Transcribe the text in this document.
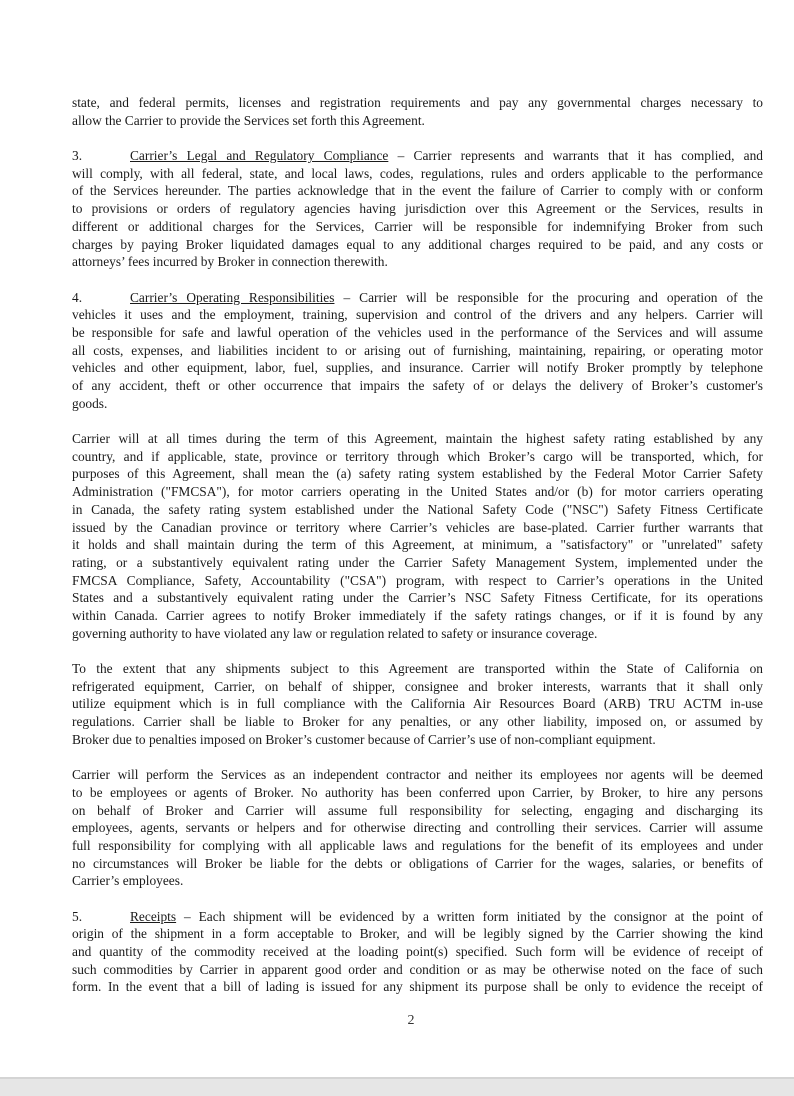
state, and federal permits, licenses and registration requirements and pay any governmental charges necessary to
allow the Carrier to provide the Services set forth this Agreement.
3.	Carrier’s Legal and Regulatory Compliance – Carrier represents and warrants that it has complied, and
will comply, with all federal, state, and local laws, codes, regulations, rules and orders applicable to the performance
of the Services hereunder. The parties acknowledge that in the event the failure of Carrier to comply with or conform
to provisions or orders of regulatory agencies having jurisdiction over this Agreement or the Services, results in
different or additional charges for the Services, Carrier will be responsible for indemnifying Broker from such
charges by paying Broker liquidated damages equal to any additional charges required to be paid, and any costs or
attorneys’ fees incurred by Broker in connection therewith.
4.	Carrier’s Operating Responsibilities – Carrier will be responsible for the procuring and operation of the
vehicles it uses and the employment, training, supervision and control of the drivers and any helpers. Carrier will
be responsible for safe and lawful operation of the vehicles used in the performance of the Services and will assume
all costs, expenses, and liabilities incident to or arising out of furnishing, maintaining, repairing, or operating motor
vehicles and other equipment, labor, fuel, supplies, and insurance. Carrier will notify Broker promptly by telephone
of any accident, theft or other occurrence that impairs the safety of or delays the delivery of Broker’s customer's
goods.
Carrier will at all times during the term of this Agreement, maintain the highest safety rating established by any
country, and if applicable, state, province or territory through which Broker’s cargo will be transported, which, for
purposes of this Agreement, shall mean the (a) safety rating system established by the Federal Motor Carrier Safety
Administration ("FMCSA"), for motor carriers operating in the United States and/or (b) for motor carriers operating
in Canada, the safety rating system established under the National Safety Code ("NSC") Safety Fitness Certificate
issued by the Canadian province or territory where Carrier’s vehicles are base-plated. Carrier further warrants that
it holds and shall maintain during the term of this Agreement, at minimum, a "satisfactory" or "unrelated" safety
rating, or a substantively equivalent rating under the Carrier Safety Management System, implemented under the
FMCSA Compliance, Safety, Accountability ("CSA") program, with respect to Carrier’s operations in the United
States and a substantively equivalent rating under the Carrier’s NSC Safety Fitness Certificate, for its operations
within Canada. Carrier agrees to notify Broker immediately if the safety ratings changes, or if it is found by any
governing authority to have violated any law or regulation related to safety or insurance coverage.
To the extent that any shipments subject to this Agreement are transported within the State of California on
refrigerated equipment, Carrier, on behalf of shipper, consignee and broker interests, warrants that it shall only
utilize equipment which is in full compliance with the California Air Resources Board (ARB) TRU ACTM in-use
regulations. Carrier shall be liable to Broker for any penalties, or any other liability, imposed on, or assumed by
Broker due to penalties imposed on Broker’s customer because of Carrier’s use of non-compliant equipment.
Carrier will perform the Services as an independent contractor and neither its employees nor agents will be deemed
to be employees or agents of Broker. No authority has been conferred upon Carrier, by Broker, to hire any persons
on behalf of Broker and Carrier will assume full responsibility for selecting, engaging and discharging its
employees, agents, servants or helpers and for otherwise directing and controlling their services. Carrier will assume
full responsibility for complying with all applicable laws and regulations for the benefit of its employees and under
no circumstances will Broker be liable for the debts or obligations of Carrier for the wages, salaries, or benefits of
Carrier’s employees.
5.	Receipts – Each shipment will be evidenced by a written form initiated by the consignor at the point of
origin of the shipment in a form acceptable to Broker, and will be legibly signed by the Carrier showing the kind
and quantity of the commodity received at the loading point(s) specified. Such form will be evidence of receipt of
such commodities by Carrier in apparent good order and condition or as may be otherwise noted on the face of such
form. In the event that a bill of lading is issued for any shipment its purpose shall be only to evidence the receipt of
2
